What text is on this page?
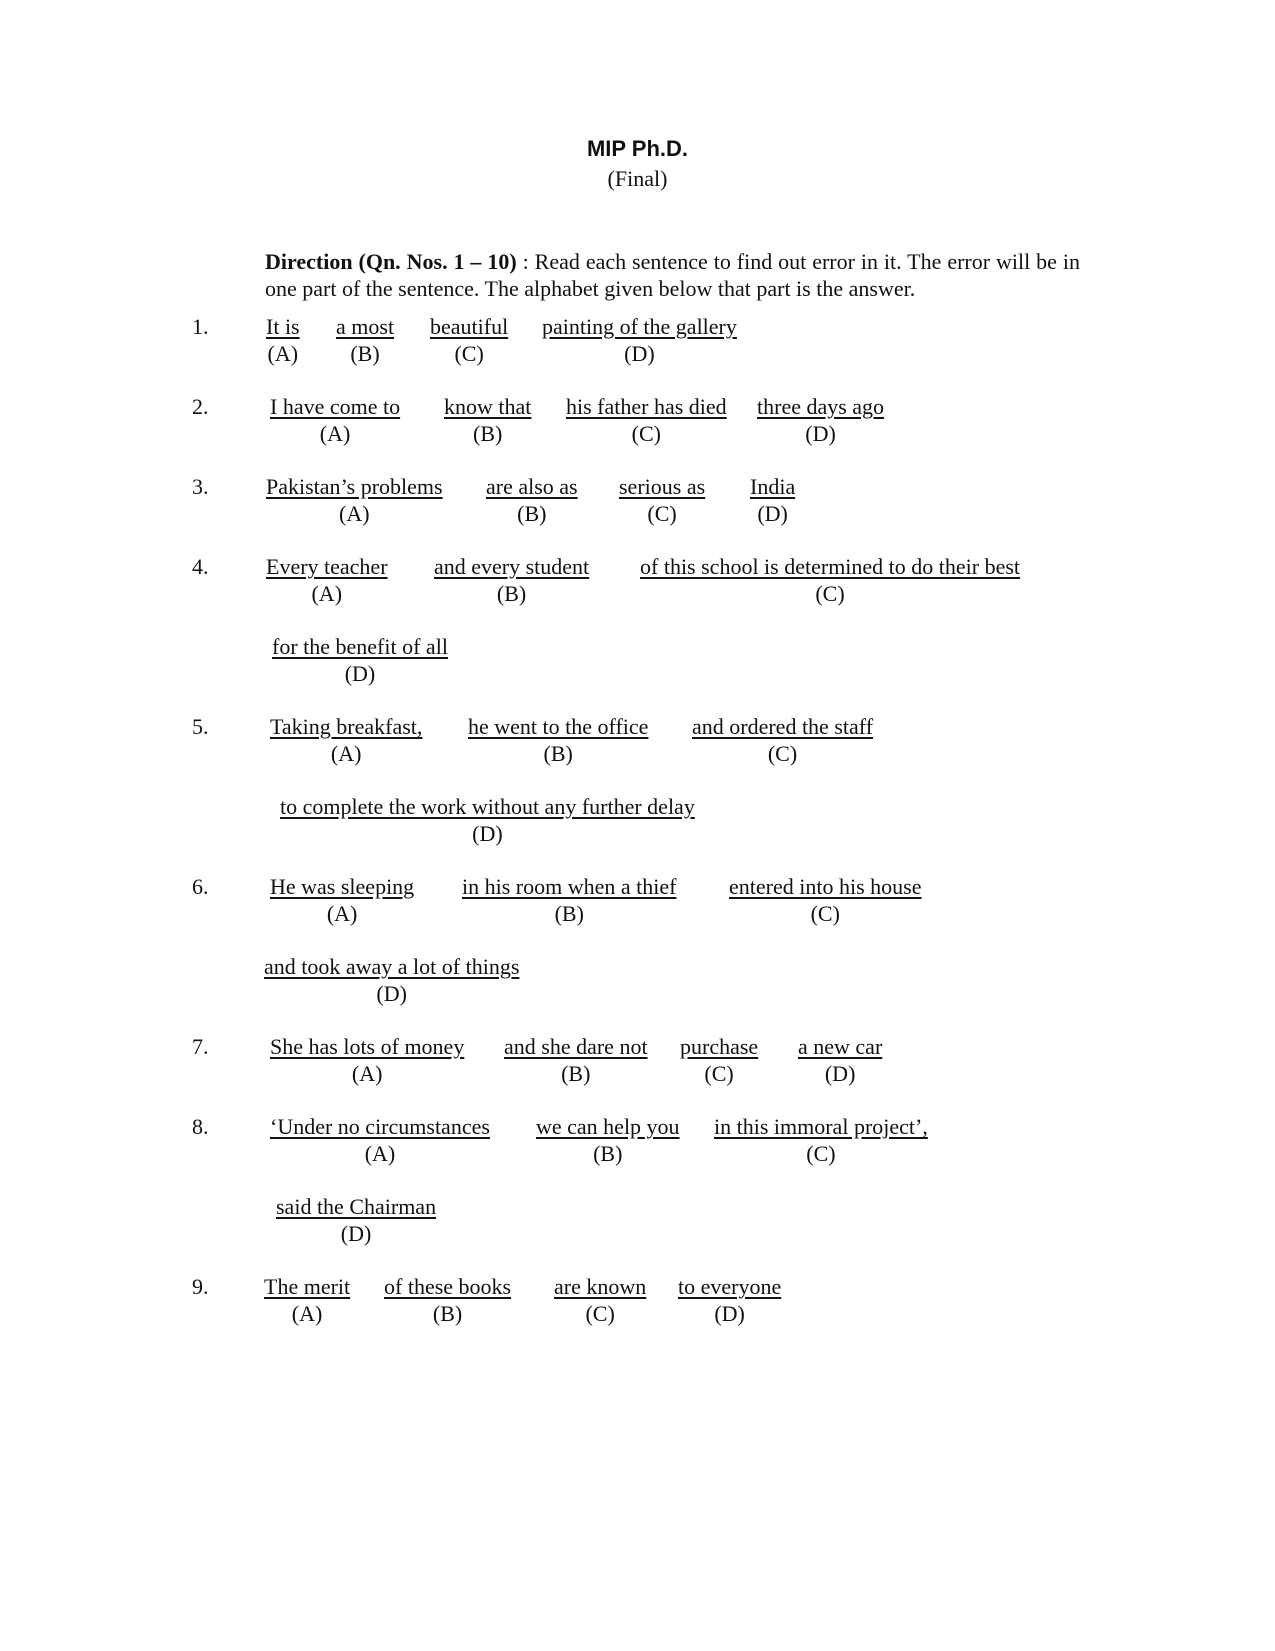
MIP Ph.D.
(Final)
Direction (Qn. Nos. 1 – 10) : Read each sentence to find out error in it. The error will be in one part of the sentence. The alphabet given below that part is the answer.
1.	It is
(A)
a most
(B)
beautiful
(C)
painting of the gallery
(D)
2.	I have come to
(A)
know that
(B)
his father has died
(C)
three days ago
(D)
3.	Pakistan’s problems
(A)
are also as
(B)
serious as
(C)
India
(D)
4.	Every teacher
(A)
and every student
(B)
of this school is determined to do their best
(C)
for the benefit of all
(D)
5.	Taking breakfast,
(A)
he went to the office
(B)
and ordered the staff
(C)
to complete the work without any further delay
(D)
6.	He was sleeping
(A)
in his room when a thief
(B)
entered into his house
(C)
and took away a lot of things
(D)
7.	She has lots of money
(A)
and she dare not
(B)
purchase
(C)
a new car
(D)
8.	‘Under no circumstances
(A)
we can help you
(B)
in this immoral project’,
(C)
said the Chairman
(D)
9.	The merit
(A)
of these books
(B)
are known
(C)
to everyone
(D)
